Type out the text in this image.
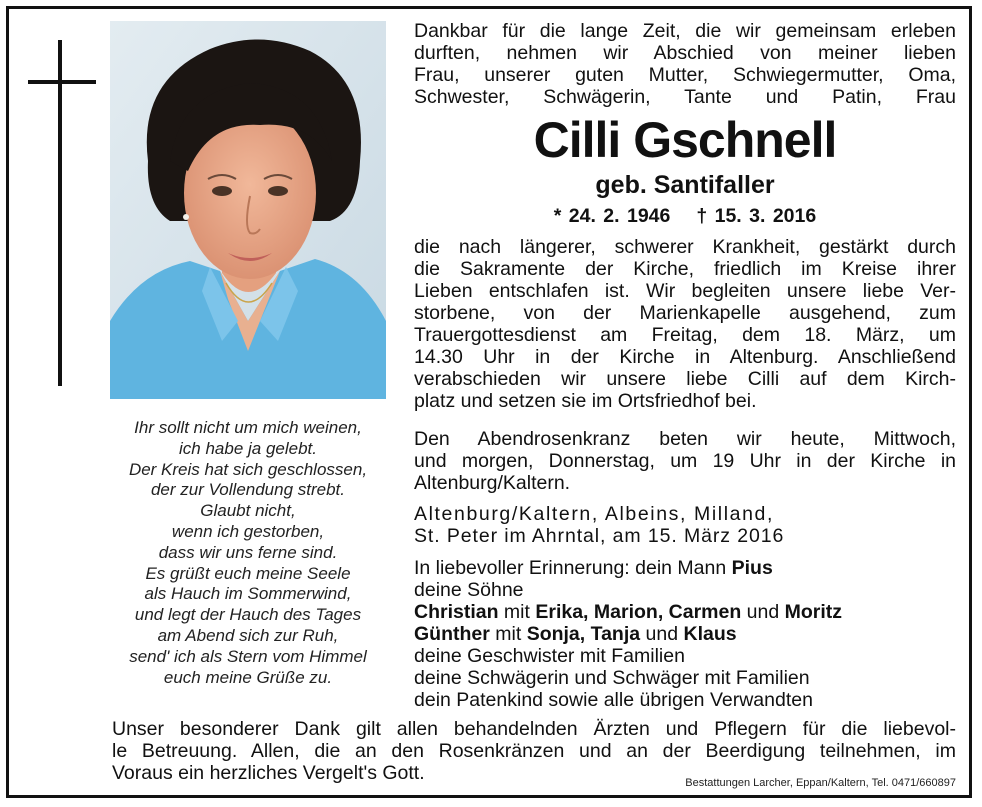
Ihr sollt nicht um mich weinen,
ich habe ja gelebt.
Der Kreis hat sich geschlossen,
der zur Vollendung strebt.
Glaubt nicht,
wenn ich gestorben,
dass wir uns ferne sind.
Es grüßt euch meine Seele
als Hauch im Sommerwind,
und legt der Hauch des Tages
am Abend sich zur Ruh,
send' ich als Stern vom Himmel
euch meine Grüße zu.
Dankbar für die lange Zeit, die wir gemeinsam erleben
durften, nehmen wir Abschied von meiner lieben
Frau, unserer guten Mutter, Schwiegermutter, Oma,
Schwester, Schwägerin, Tante und Patin, Frau
Cilli Gschnell
geb. Santifaller
* 24. 2. 1946 † 15. 3. 2016
die nach längerer, schwerer Krankheit, gestärkt durch
die Sakramente der Kirche, friedlich im Kreise ihrer
Lieben entschlafen ist. Wir begleiten unsere liebe Ver-
storbene, von der Marienkapelle ausgehend, zum
Trauergottesdienst am Freitag, dem 18. März, um
14.30 Uhr in der Kirche in Altenburg. Anschließend
verabschieden wir unsere liebe Cilli auf dem Kirch-
platz und setzen sie im Ortsfriedhof bei.
Den Abendrosenkranz beten wir heute, Mittwoch,
und morgen, Donnerstag, um 19 Uhr in der Kirche in
Altenburg/Kaltern.
Altenburg/Kaltern, Albeins, Milland,
St. Peter im Ahrntal, am 15. März 2016
In liebevoller Erinnerung: dein Mann Pius
deine Söhne
Christian mit Erika, Marion, Carmen und Moritz
Günther mit Sonja, Tanja und Klaus
deine Geschwister mit Familien
deine Schwägerin und Schwäger mit Familien
dein Patenkind sowie alle übrigen Verwandten
Unser besonderer Dank gilt allen behandelnden Ärzten und Pflegern für die liebevol-
le Betreuung. Allen, die an den Rosenkränzen und an der Beerdigung teilnehmen, im
Voraus ein herzliches Vergelt's Gott.	Bestattungen Larcher, Eppan/Kaltern, Tel. 0471/660897
